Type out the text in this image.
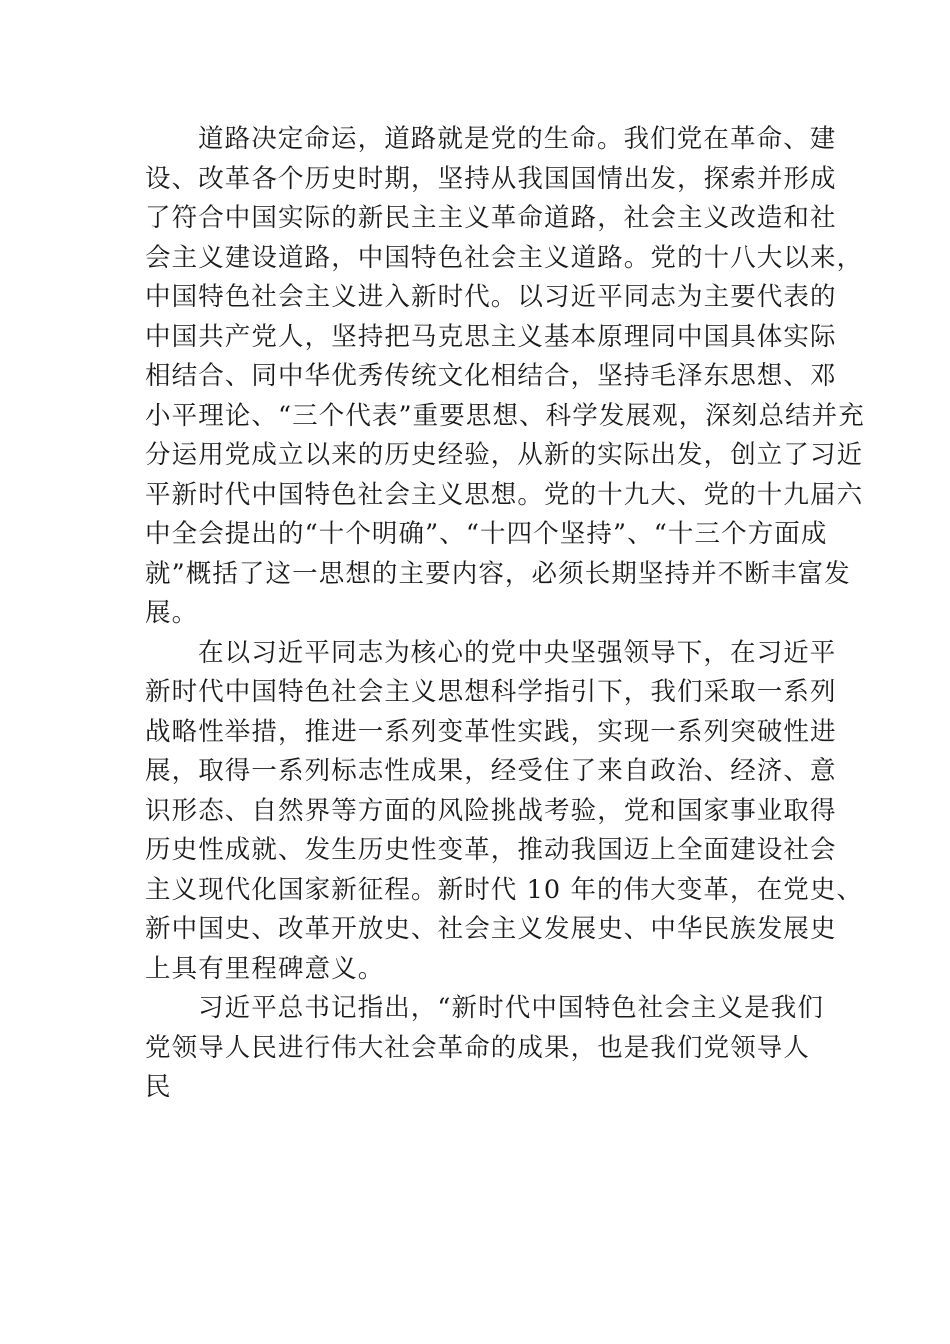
道路决定命运，道路就是党的生命。我们党在革命、建
设、改革各个历史时期，坚持从我国国情出发，探索并形成
了符合中国实际的新民主主义革命道路，社会主义改造和社
会主义建设道路，中国特色社会主义道路。党的十八大以来，
中国特色社会主义进入新时代。以习近平同志为主要代表的
中国共产党人，坚持把马克思主义基本原理同中国具体实际
相结合、同中华优秀传统文化相结合，坚持毛泽东思想、邓
小平理论、“三个代表”重要思想、科学发展观，深刻总结并充
分运用党成立以来的历史经验，从新的实际出发，创立了习近
平新时代中国特色社会主义思想。党的十九大、党的十九届六
中全会提出的“十个明确”、“十四个坚持”、“十三个方面成
就”概括了这一思想的主要内容，必须长期坚持并不断丰富发
展。
在以习近平同志为核心的党中央坚强领导下，在习近平
新时代中国特色社会主义思想科学指引下，我们采取一系列
战略性举措，推进一系列变革性实践，实现一系列突破性进
展，取得一系列标志性成果，经受住了来自政治、经济、意
识形态、自然界等方面的风险挑战考验，党和国家事业取得
历史性成就、发生历史性变革，推动我国迈上全面建设社会
主义现代化国家新征程。新时代 10 年的伟大变革，在党史、
新中国史、改革开放史、社会主义发展史、中华民族发展史
上具有里程碑意义。
习近平总书记指出，“新时代中国特色社会主义是我们
党领导人民进行伟大社会革命的成果，也是我们党领导人
民
